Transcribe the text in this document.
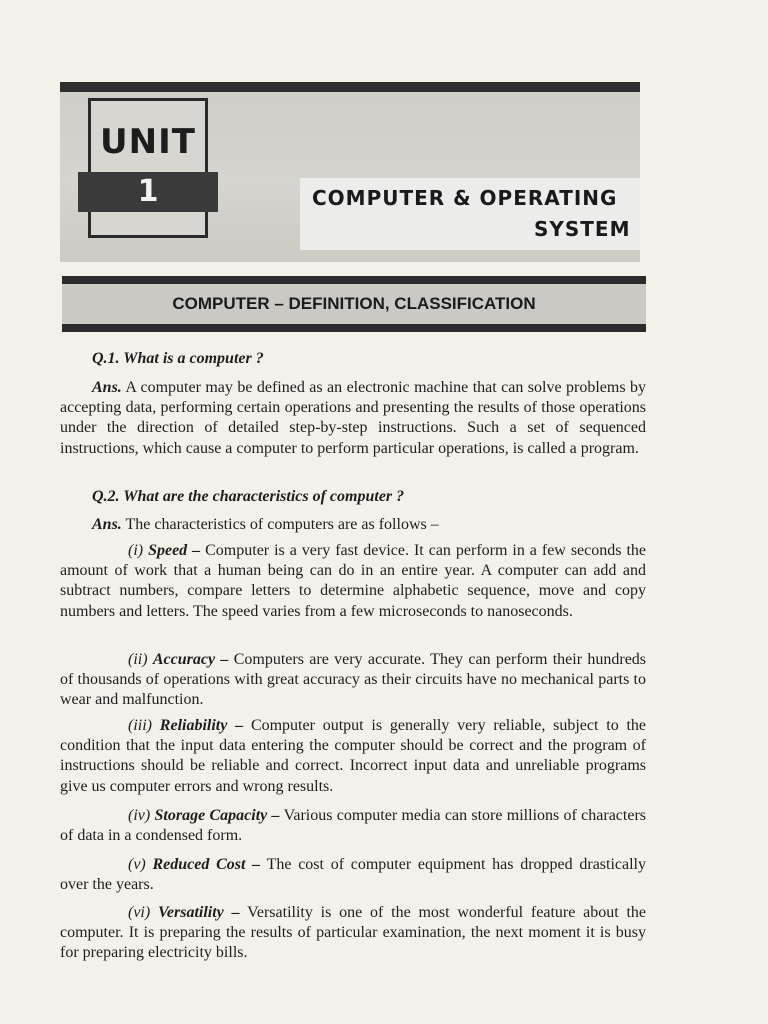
UNIT
1	COMPUTER & OPERATING
SYSTEM
COMPUTER – DEFINITION, CLASSIFICATION
Q.1. What is a computer ?
Ans. A computer may be defined as an electronic machine that can solve problems by accepting data, performing certain operations and presenting the results of those operations under the direction of detailed step-by-step instructions. Such a set of sequenced instructions, which cause a computer to perform particular operations, is called a program.
Q.2. What are the characteristics of computer ?
Ans. The characteristics of computers are as follows –
(i) Speed – Computer is a very fast device. It can perform in a few seconds the amount of work that a human being can do in an entire year. A computer can add and subtract numbers, compare letters to determine alphabetic sequence, move and copy numbers and letters. The speed varies from a few microseconds to nanoseconds.
(ii) Accuracy – Computers are very accurate. They can perform their hundreds of thousands of operations with great accuracy as their circuits have no mechanical parts to wear and malfunction.
(iii) Reliability – Computer output is generally very reliable, subject to the condition that the input data entering the computer should be correct and the program of instructions should be reliable and correct. Incorrect input data and unreliable programs give us computer errors and wrong results.
(iv) Storage Capacity – Various computer media can store millions of characters of data in a condensed form.
(v) Reduced Cost – The cost of computer equipment has dropped drastically over the years.
(vi) Versatility – Versatility is one of the most wonderful feature about the computer. It is preparing the results of particular examination, the next moment it is busy for preparing electricity bills.
